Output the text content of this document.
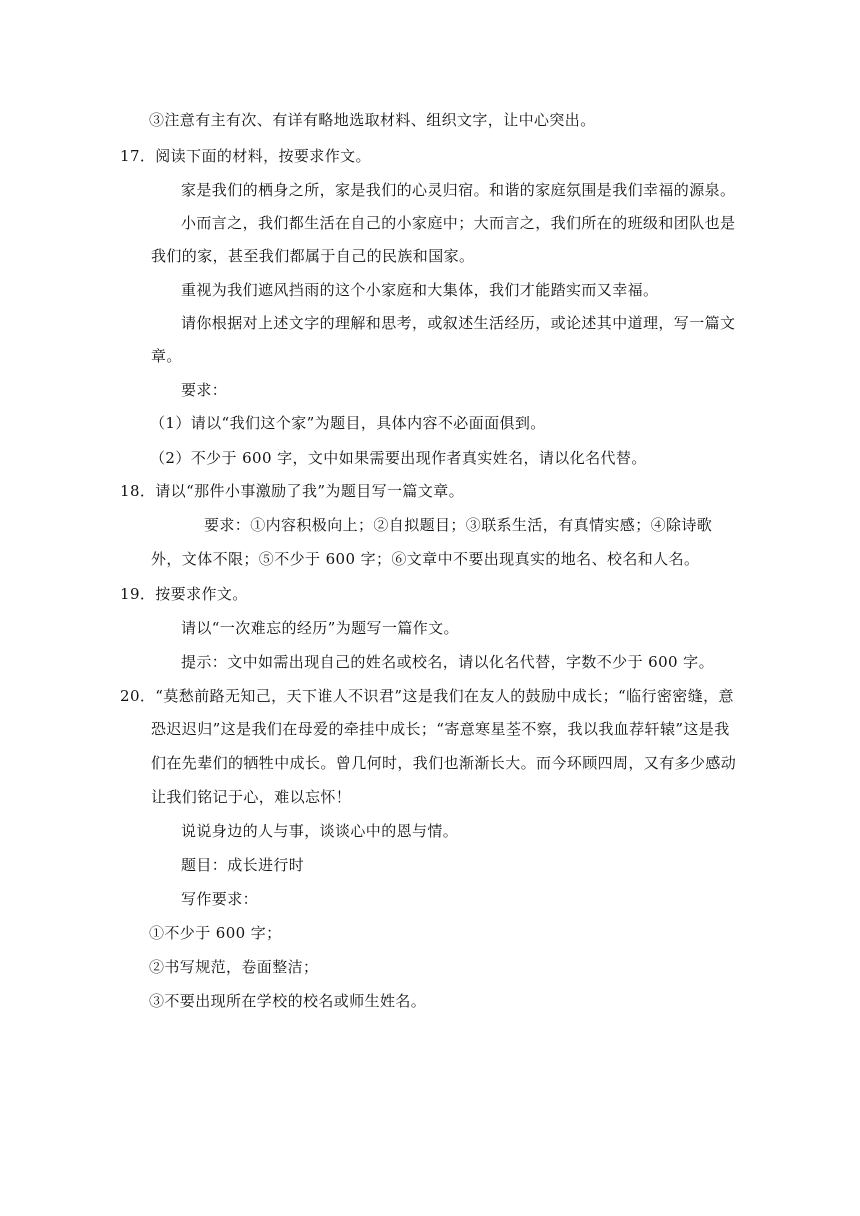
③注意有主有次、有详有略地选取材料、组织文字，让中心突出。
17．阅读下面的材料，按要求作文。
家是我们的栖身之所，家是我们的心灵归宿。和谐的家庭氛围是我们幸福的源泉。
小而言之，我们都生活在自己的小家庭中；大而言之，我们所在的班级和团队也是
我们的家，甚至我们都属于自己的民族和国家。
重视为我们遮风挡雨的这个小家庭和大集体，我们才能踏实而又幸福。
请你根据对上述文字的理解和思考，或叙述生活经历，或论述其中道理，写一篇文
章。
要求：
（1）请以“我们这个家”为题目，具体内容不必面面俱到。
（2）不少于 600 字，文中如果需要出现作者真实姓名，请以化名代替。
18．请以“那件小事激励了我”为题目写一篇文章。
要求：①内容积极向上；②自拟题目；③联系生活，有真情实感；④除诗歌
外，文体不限；⑤不少于 600 字；⑥文章中不要出现真实的地名、校名和人名。
19．按要求作文。
请以“一次难忘的经历”为题写一篇作文。
提示：文中如需出现自己的姓名或校名，请以化名代替，字数不少于 600 字。
20．“莫愁前路无知己，天下谁人不识君”这是我们在友人的鼓励中成长；“临行密密缝，意
恐迟迟归”这是我们在母爱的牵挂中成长；“寄意寒星荃不察，我以我血荐轩辕”这是我
们在先辈们的牺牲中成长。曾几何时，我们也渐渐长大。而今环顾四周，又有多少感动
让我们铭记于心，难以忘怀！
说说身边的人与事，谈谈心中的恩与情。
题目：成长进行时
写作要求：
①不少于 600 字；
②书写规范，卷面整洁；
③不要出现所在学校的校名或师生姓名。
